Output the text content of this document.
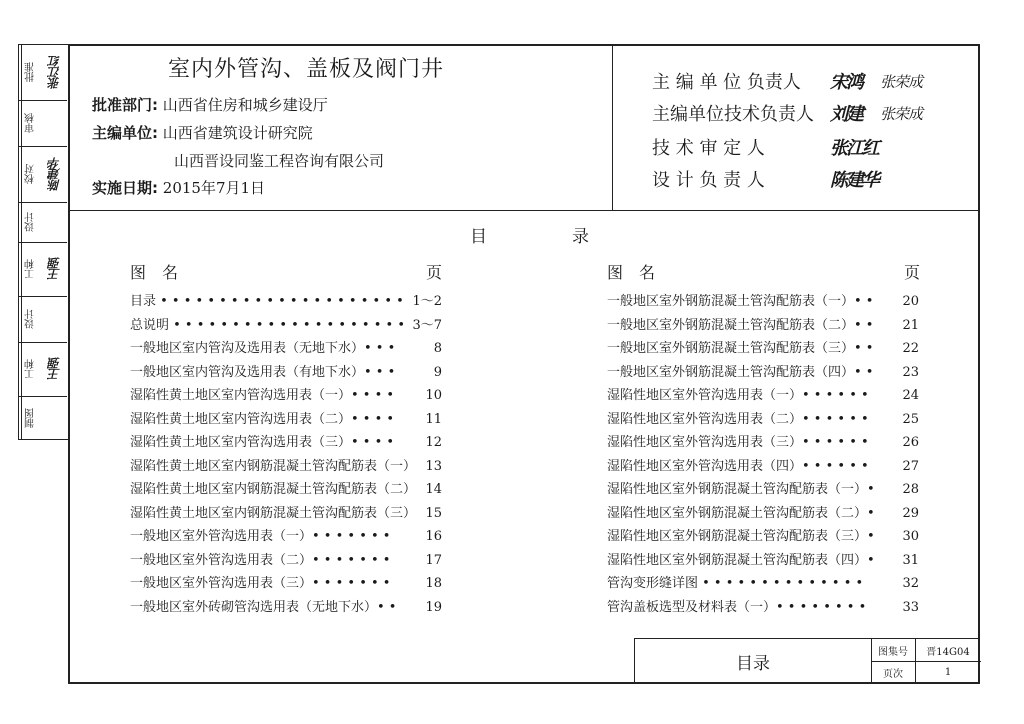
批准 张江红
审核
校对 陈建华
设计
工种 王强
设计
工种 王强
制图
室内外管沟、盖板及阀门井
批准部门: 山西省住房和城乡建设厅
主编单位: 山西省建筑设计研究院
山西晋设同鉴工程咨询有限公司
实施日期: 2015年7月1日
主 编 单 位 负责人	宋鸿 张荣成
主编单位技术负责人 刘建 张荣成
技 术 审 定 人	张江红
设 计 负 责 人	陈建华
目　　　　　录
图　名	页	图　名	页
目录 • • • • • • • • • • • • • • • • • • • • • 1～2
总说明 • • • • • • • • • • • • • • • • • • • • 3～7
一般地区室内管沟及选用表（无地下水）• • •	8
一般地区室内管沟及选用表（有地下水）• • •	9
湿陷性黄土地区室内管沟选用表（一）• • • • 10
湿陷性黄土地区室内管沟选用表（二）• • • • 11
湿陷性黄土地区室内管沟选用表（三）• • • • 12
湿陷性黄土地区室内钢筋混凝土管沟配筋表（一） 13
湿陷性黄土地区室内钢筋混凝土管沟配筋表（二） 14
湿陷性黄土地区室内钢筋混凝土管沟配筋表（三） 15
一般地区室外管沟选用表（一）• • • • • • •	16
一般地区室外管沟选用表（二）• • • • • • •	17
一般地区室外管沟选用表（三）• • • • • • •	18
一般地区室外砖砌管沟选用表（无地下水）• • 19
一般地区室外钢筋混凝土管沟配筋表（一）• • 20
一般地区室外钢筋混凝土管沟配筋表（二）• • 21
一般地区室外钢筋混凝土管沟配筋表（三）• • 22
一般地区室外钢筋混凝土管沟配筋表（四）• • 23
湿陷性地区室外管沟选用表（一）• • • • • •	24
湿陷性地区室外管沟选用表（二）• • • • • •	25
湿陷性地区室外管沟选用表（三）• • • • • •	26
湿陷性地区室外管沟选用表（四）• • • • • •	27
湿陷性地区室外钢筋混凝土管沟配筋表（一）• 28
湿陷性地区室外钢筋混凝土管沟配筋表（二）• 29
湿陷性地区室外钢筋混凝土管沟配筋表（三）• 30
湿陷性地区室外钢筋混凝土管沟配筋表（四）• 31
管沟变形缝详图 • • • • • • • • • • • • • •	32
管沟盖板选型及材料表（一）• • • • • • • •	33
目录
图集号	晋14G04
页次	1
